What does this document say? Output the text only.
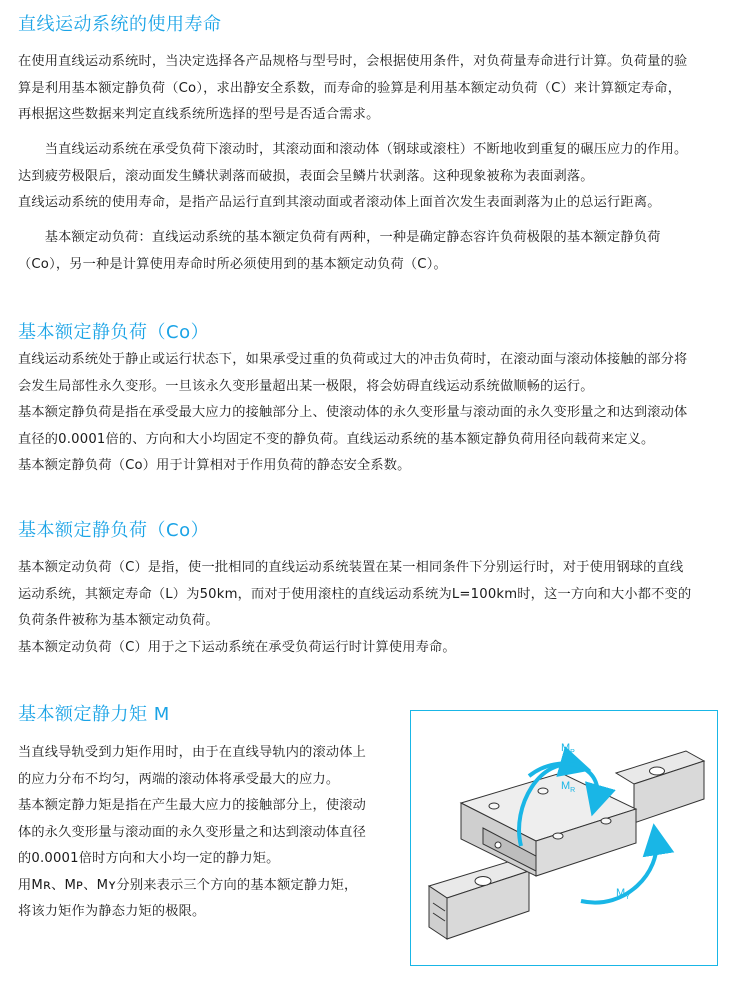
直线运动系统的使用寿命
在使用直线运动系统时，当决定选择各产品规格与型号时，会根据使用条件，对负荷量寿命进行计算。负荷量的验
算是利用基本额定静负荷（Co），求出静安全系数，而寿命的验算是利用基本额定动负荷（C）来计算额定寿命，
再根据这些数据来判定直线系统所选择的型号是否适合需求。
　　当直线运动系统在承受负荷下滚动时，其滚动面和滚动体（钢球或滚柱）不断地收到重复的碾压应力的作用。
达到疲劳极限后，滚动面发生鳞状剥落而破损，表面会呈鳞片状剥落。这种现象被称为表面剥落。
直线运动系统的使用寿命，是指产品运行直到其滚动面或者滚动体上面首次发生表面剥落为止的总运行距离。
　　基本额定动负荷：直线运动系统的基本额定负荷有两种，一种是确定静态容许负荷极限的基本额定静负荷
（Co），另一种是计算使用寿命时所必须使用到的基本额定动负荷（C）。
基本额定静负荷（Co）
直线运动系统处于静止或运行状态下，如果承受过重的负荷或过大的冲击负荷时，在滚动面与滚动体接触的部分将
会发生局部性永久变形。一旦该永久变形量超出某一极限，将会妨碍直线运动系统做顺畅的运行。
基本额定静负荷是指在承受最大应力的接触部分上、使滚动体的永久变形量与滚动面的永久变形量之和达到滚动体
直径的0.0001倍的、方向和大小均固定不变的静负荷。直线运动系统的基本额定静负荷用径向载荷来定义。
基本额定静负荷（Co）用于计算相对于作用负荷的静态安全系数。
基本额定静负荷（Co）
基本额定动负荷（C）是指，使一批相同的直线运动系统装置在某一相同条件下分别运行时，对于使用钢球的直线
运动系统，其额定寿命（L）为50km，而对于使用滚柱的直线运动系统为L=100km时，这一方向和大小都不变的
负荷条件被称为基本额定动负荷。
基本额定动负荷（C）用于之下运动系统在承受负荷运行时计算使用寿命。
基本额定静力矩 M
当直线导轨受到力矩作用时，由于在直线导轨内的滚动体上
的应力分布不均匀，两端的滚动体将承受最大的应力。
基本额定静力矩是指在产生最大应力的接触部分上，使滚动
体的永久变形量与滚动面的永久变形量之和达到滚动体直径
的0.0001倍时方向和大小均一定的静力矩。
用Mʀ、Mᴘ、Mʏ分别来表示三个方向的基本额定静力矩，
将该力矩作为静态力矩的极限。
$M_P$
$M_R$
$M_Y$
